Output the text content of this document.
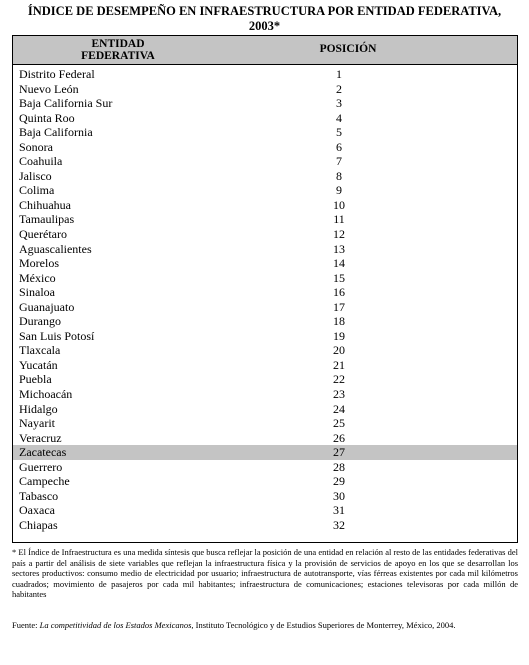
ÍNDICE DE DESEMPEÑO EN INFRAESTRUCTURA POR ENTIDAD FEDERATIVA, 2003*
ENTIDAD
FEDERATIVA
POSICIÓN
Distrito Federal	1
Nuevo León	2
Baja California Sur	3
Quinta Roo	4
Baja California	5
Sonora	6
Coahuila	7
Jalisco	8
Colima	9
Chihuahua	10
Tamaulipas	11
Querétaro	12
Aguascalientes	13
Morelos	14
México	15
Sinaloa	16
Guanajuato	17
Durango	18
San Luis Potosí	19
Tlaxcala	20
Yucatán	21
Puebla	22
Michoacán	23
Hidalgo	24
Nayarit	25
Veracruz	26
Zacatecas	27
Guerrero	28
Campeche	29
Tabasco	30
Oaxaca	31
Chiapas	32
* El Índice de Infraestructura es una medida síntesis que busca reflejar la posición de una entidad en relación al resto de las entidades federativas del país a partir del análisis de siete variables que reflejan la infraestructura física y la provisión de servicios de apoyo en los que se desarrollan los sectores productivos: consumo medio de electricidad por usuario; infraestructura de autotransporte, vías férreas existentes por cada mil kilómetros cuadrados; movimiento de pasajeros por cada mil habitantes; infraestructura de comunicaciones; estaciones televisoras por cada millón de habitantes
Fuente: La competitividad de los Estados Mexicanos, Instituto Tecnológico y de Estudios Superiores de Monterrey, México, 2004.
